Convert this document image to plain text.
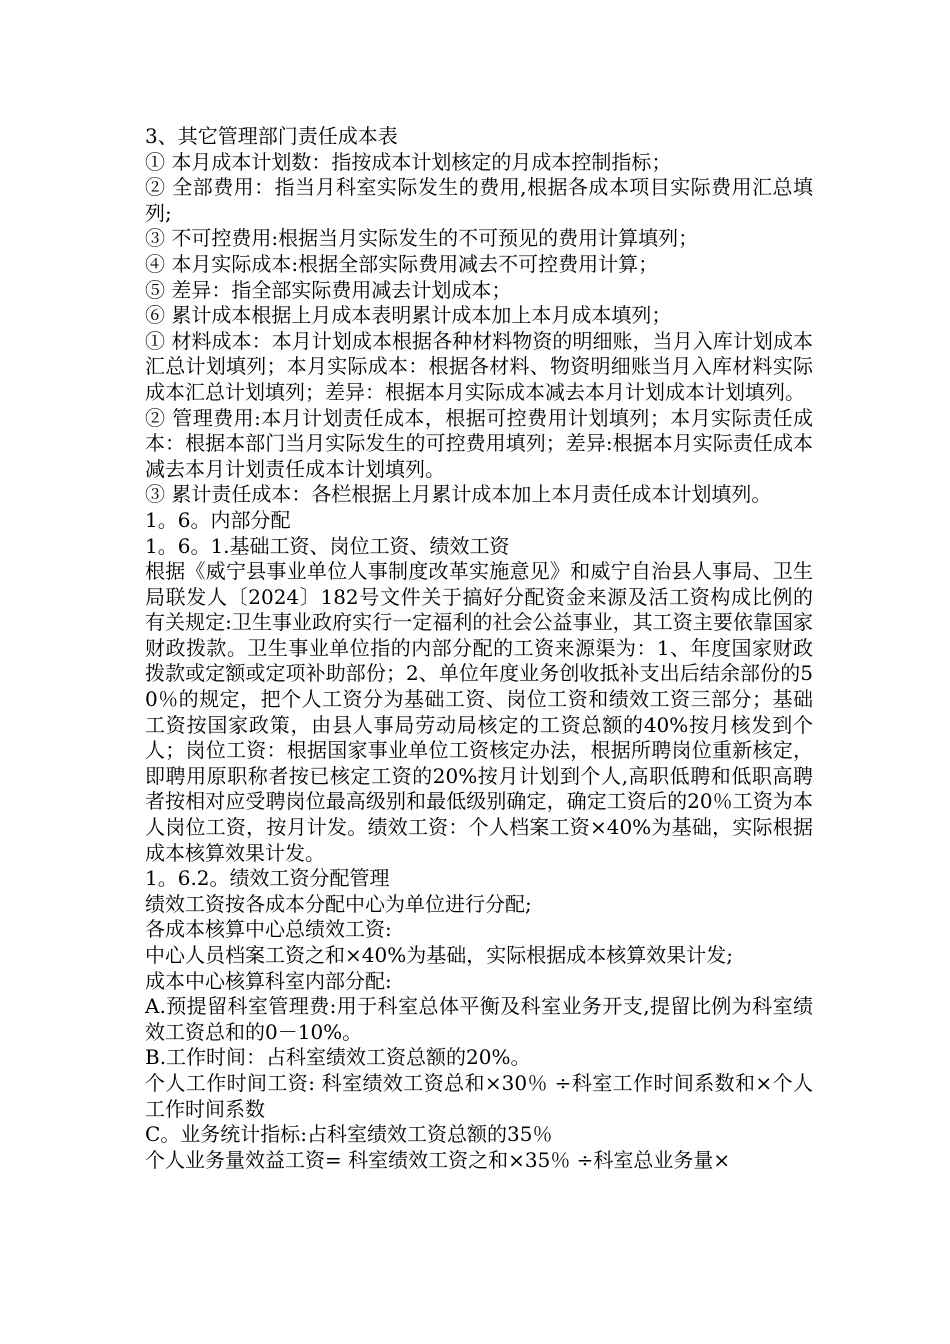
3、其它管理部门责任成本表

① 本月成本计划数：指按成本计划核定的月成本控制指标；

② 全部费用：指当月科室实际发生的费用,根据各成本项目实际费用汇总填列;

③ 不可控费用:根据当月实际发生的不可预见的费用计算填列；

④ 本月实际成本:根据全部实际费用减去不可控费用计算；

⑤ 差异：指全部实际费用减去计划成本；

⑥ 累计成本根据上月成本表明累计成本加上本月成本填列；

① 材料成本：本月计划成本根据各种材料物资的明细账，当月入库计划成本汇总计划填列；本月实际成本：根据各材料、物资明细账当月入库材料实际成本汇总计划填列；差异：根据本月实际成本减去本月计划成本计划填列。

② 管理费用:本月计划责任成本，根据可控费用计划填列；本月实际责任成本：根据本部门当月实际发生的可控费用填列；差异:根据本月实际责任成本减去本月计划责任成本计划填列。

③ 累计责任成本：各栏根据上月累计成本加上本月责任成本计划填列。

1。6。内部分配

1。6。1.基础工资、岗位工资、绩效工资

根据《威宁县事业单位人事制度改革实施意见》和威宁自治县人事局、卫生局联发人〔2024〕182号文件关于搞好分配资金来源及活工资构成比例的有关规定:卫生事业政府实行一定福利的社会公益事业，其工资主要依靠国家财政拨款。卫生事业单位指的内部分配的工资来源渠为：1、年度国家财政拨款或定额或定项补助部份；2、单位年度业务创收抵补支出后结余部份的50％的规定，把个人工资分为基础工资、岗位工资和绩效工资三部分；基础工资按国家政策，由县人事局劳动局核定的工资总额的40%按月核发到个人；岗位工资：根据国家事业单位工资核定办法，根据所聘岗位重新核定，即聘用原职称者按已核定工资的20%按月计划到个人,高职低聘和低职高聘者按相对应受聘岗位最高级别和最低级别确定，确定工资后的20％工资为本人岗位工资，按月计发。绩效工资：个人档案工资×40%为基础，实际根据成本核算效果计发。

1。6.2。绩效工资分配管理

绩效工资按各成本分配中心为单位进行分配;

各成本核算中心总绩效工资:

中心人员档案工资之和×40%为基础，实际根据成本核算效果计发;

成本中心核算科室内部分配:

A.预提留科室管理费:用于科室总体平衡及科室业务开支,提留比例为科室绩效工资总和的0－10%。

B.工作时间：占科室绩效工资总额的20%。

个人工作时间工资: 科室绩效工资总和×30％ ÷科室工作时间系数和×个人工作时间系数

C。业务统计指标:占科室绩效工资总额的35％

个人业务量效益工资= 科室绩效工资之和×35％ ÷科室总业务量×
